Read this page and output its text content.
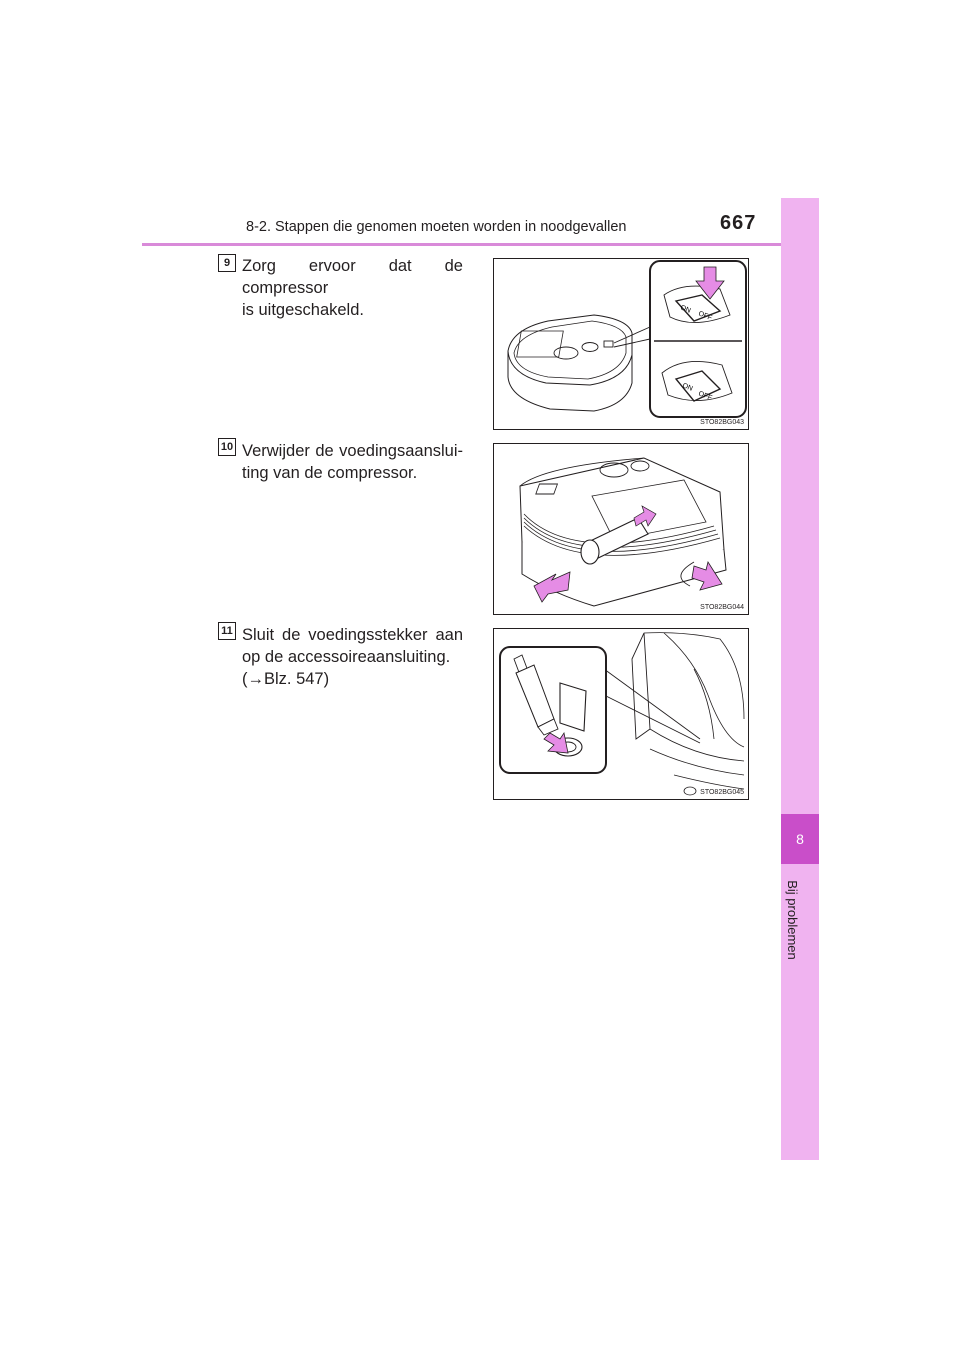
8-2. Stappen die genomen moeten worden in noodgevallen	667
8
Bij problemen
9 Zorg ervoor dat de compressor
is uitgeschakeld.	ON
OFF
ON
OFF
STO82BG043
10 Verwijder de voedingsaanslui-
ting van de compressor.
STO82BG044
11 Sluit de voedingsstekker aan
op de accessoireaansluiting.
(→Blz. 547)
STO82BG045
